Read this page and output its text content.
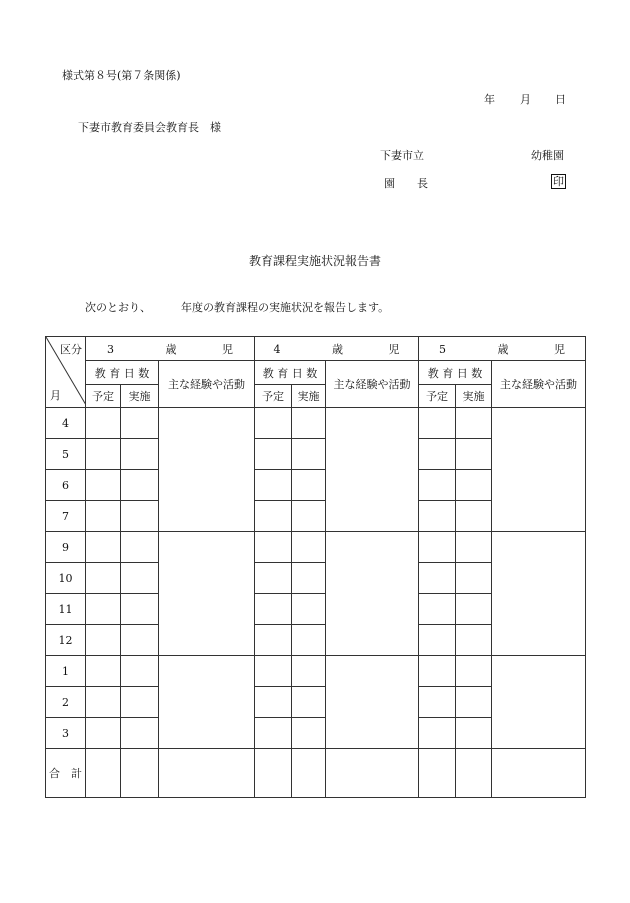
様式第８号(第７条関係)
年 月 日
下妻市教育委員会教育長　様
下妻市立	幼稚園
園　　長	印
教育課程実施状況報告書
次のとおり、	年度の教育課程の実施状況を報告します。
区分
月	3 歳 児			4 歳 児			5 歳 児		
	教 育 日 数		主な経験や活動	教 育 日 数		主な経験や活動	教 育 日 数		主な経験や活動
	予定	実施		予定	実施		予定	実施	
4									
5									
6									
7									
9									
10									
11									
12									
1									
2									
3									
合　計									
